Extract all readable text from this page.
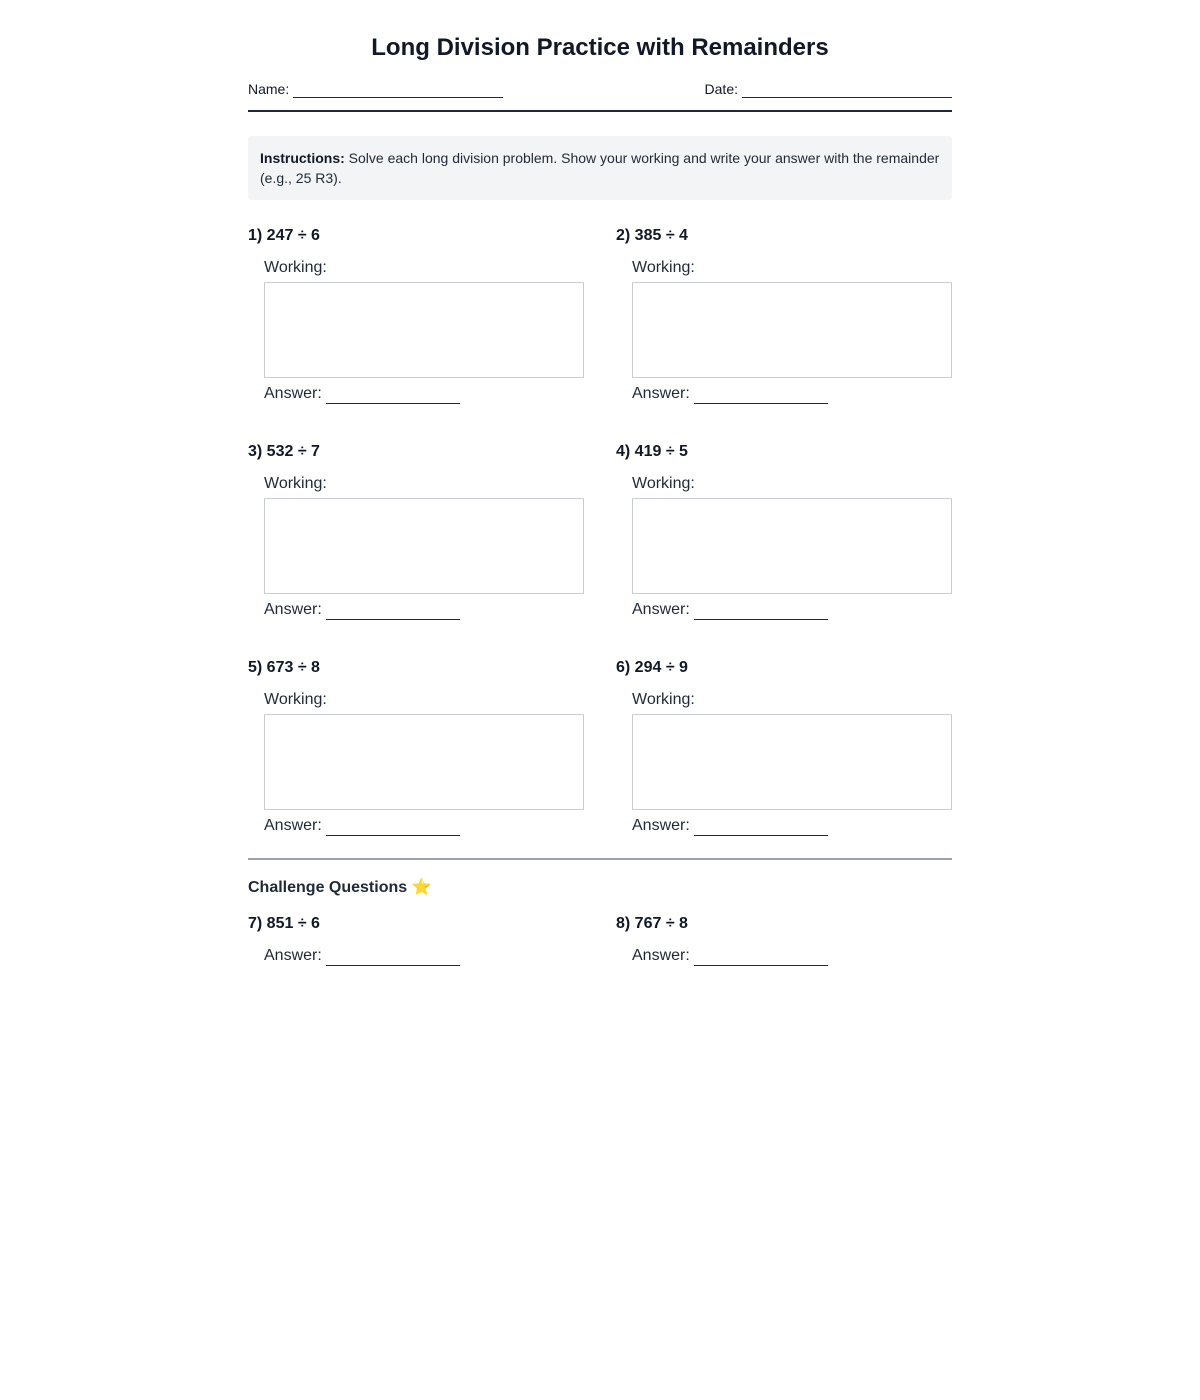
Long Division Practice with Remainders
Name:	Date:
Instructions: Solve each long division problem. Show your working and write your answer with the remainder (e.g., 25 R3).
1) 247 ÷ 6
Working:
Answer:
2) 385 ÷ 4
Working:
Answer:
3) 532 ÷ 7
Working:
Answer:
4) 419 ÷ 5
Working:
Answer:
5) 673 ÷ 8
Working:
Answer:
6) 294 ÷ 9
Working:
Answer:
Challenge Questions ⭐
7) 851 ÷ 6
Answer:
8) 767 ÷ 8
Answer:
